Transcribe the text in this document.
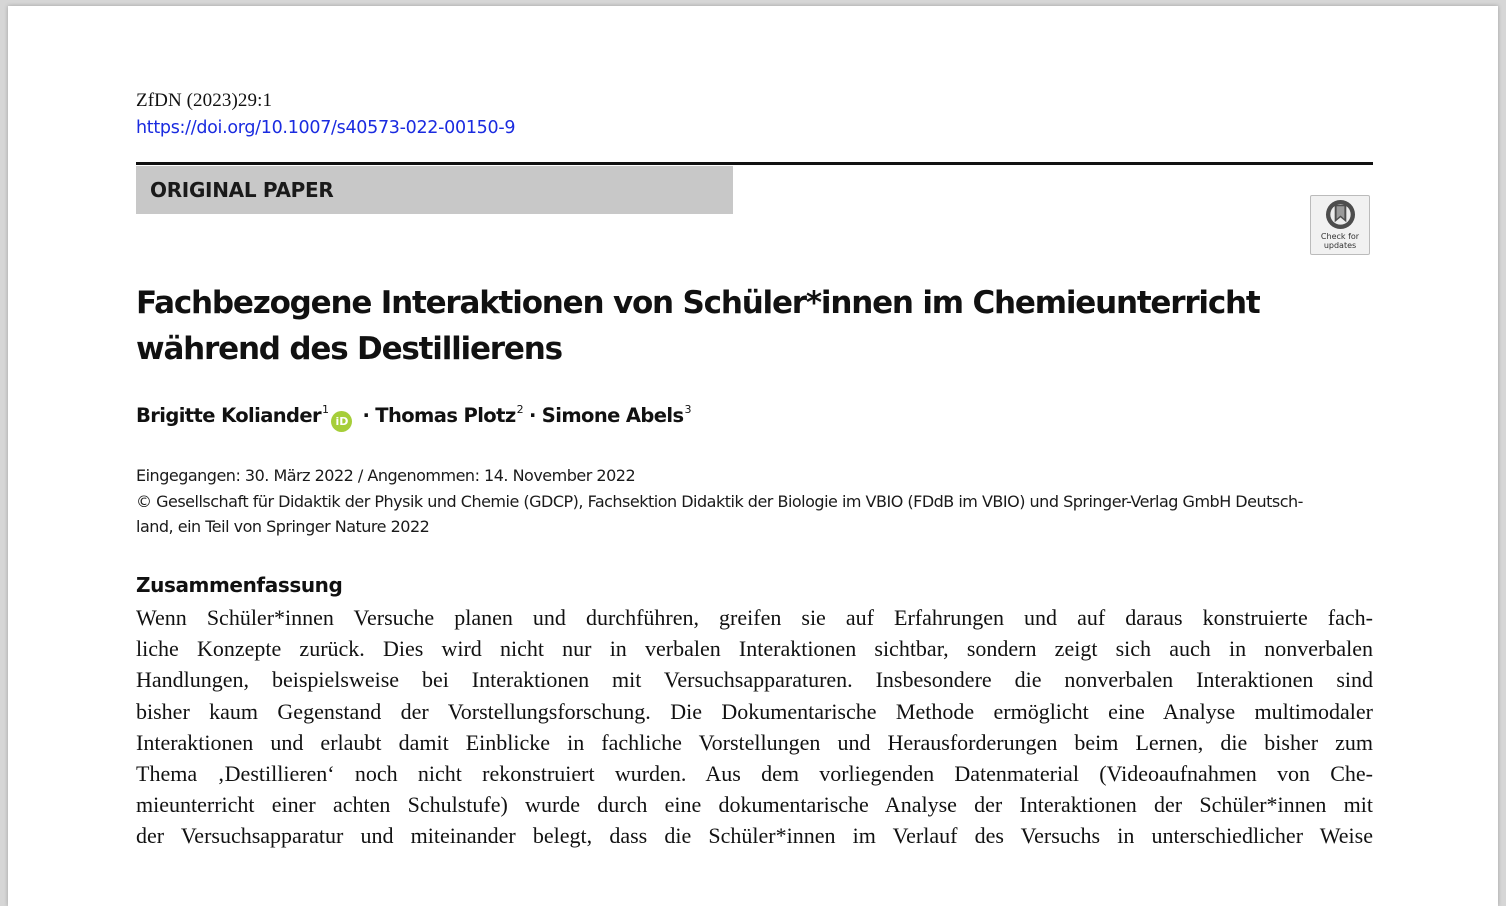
ZfDN (2023)29:1
https://doi.org/10.1007/s40573-022-00150-9
ORIGINAL PAPER
Check for
updates
Fachbezogene Interaktionen von Schüler*innen im Chemieunterricht
während des Destillierens
Brigitte Koliander$^1$iD · Thomas Plotz$^2$ · Simone Abels$^3$

Eingegangen: 30. März 2022 / Angenommen: 14. November 2022

© Gesellschaft für Didaktik der Physik und Chemie (GDCP), Fachsektion Didaktik der Biologie im VBIO (FDdB im VBIO) und Springer-Verlag GmbH Deutsch-

land, ein Teil von Springer Nature 2022

Zusammenfassung
Wenn Schüler*innen Versuche planen und durchführen, greifen sie auf Erfahrungen und auf daraus konstruierte fach-
liche Konzepte zurück. Dies wird nicht nur in verbalen Interaktionen sichtbar, sondern zeigt sich auch in nonverbalen
Handlungen, beispielsweise bei Interaktionen mit Versuchsapparaturen. Insbesondere die nonverbalen Interaktionen sind
bisher kaum Gegenstand der Vorstellungsforschung. Die Dokumentarische Methode ermöglicht eine Analyse multimodaler
Interaktionen und erlaubt damit Einblicke in fachliche Vorstellungen und Herausforderungen beim Lernen, die bisher zum
Thema ‚Destillieren‘ noch nicht rekonstruiert wurden. Aus dem vorliegenden Datenmaterial (Videoaufnahmen von Che-
mieunterricht einer achten Schulstufe) wurde durch eine dokumentarische Analyse der Interaktionen der Schüler*innen mit
der Versuchsapparatur und miteinander belegt, dass die Schüler*innen im Verlauf des Versuchs in unterschiedlicher Weise
